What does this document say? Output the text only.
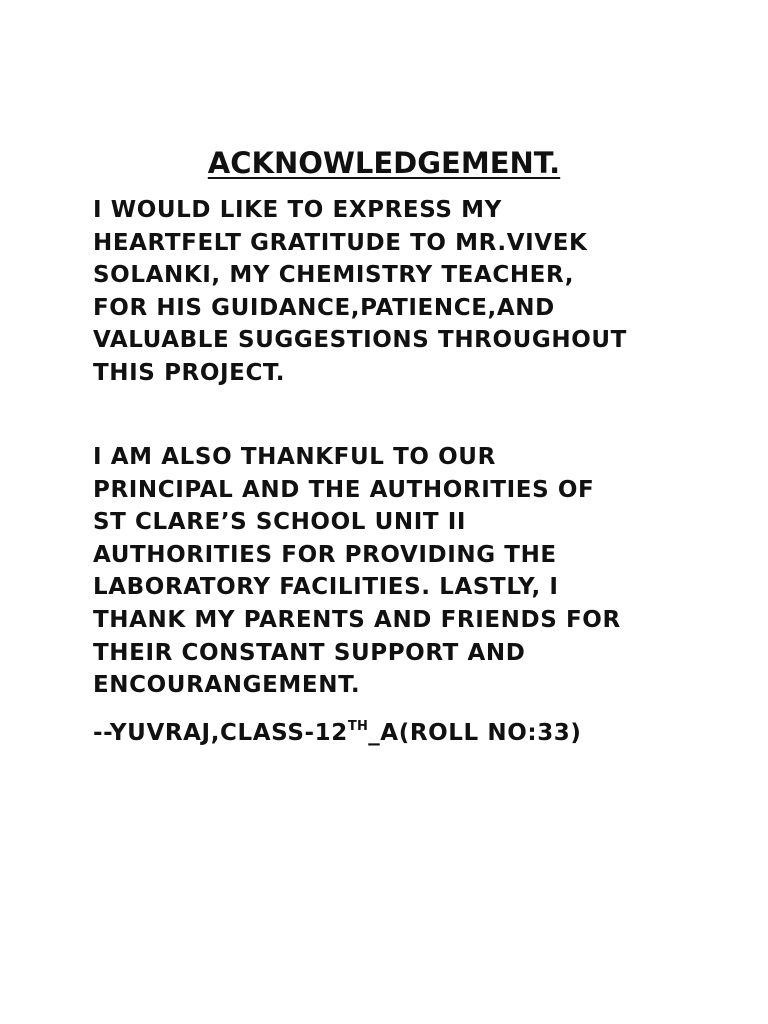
ACKNOWLEDGEMENT.

I WOULD LIKE TO EXPRESS MY
HEARTFELT GRATITUDE TO MR.VIVEK
SOLANKI, MY CHEMISTRY TEACHER,
FOR HIS GUIDANCE,PATIENCE,AND
VALUABLE SUGGESTIONS THROUGHOUT
THIS PROJECT.

I AM ALSO THANKFUL TO OUR
PRINCIPAL AND THE AUTHORITIES OF
ST CLARE’S SCHOOL UNIT II
AUTHORITIES FOR PROVIDING THE
LABORATORY FACILITIES. LASTLY, I
THANK MY PARENTS AND FRIENDS FOR
THEIR CONSTANT SUPPORT AND
ENCOURANGEMENT.

--YUVRAJ,CLASS-12TH_A(ROLL NO:33)
